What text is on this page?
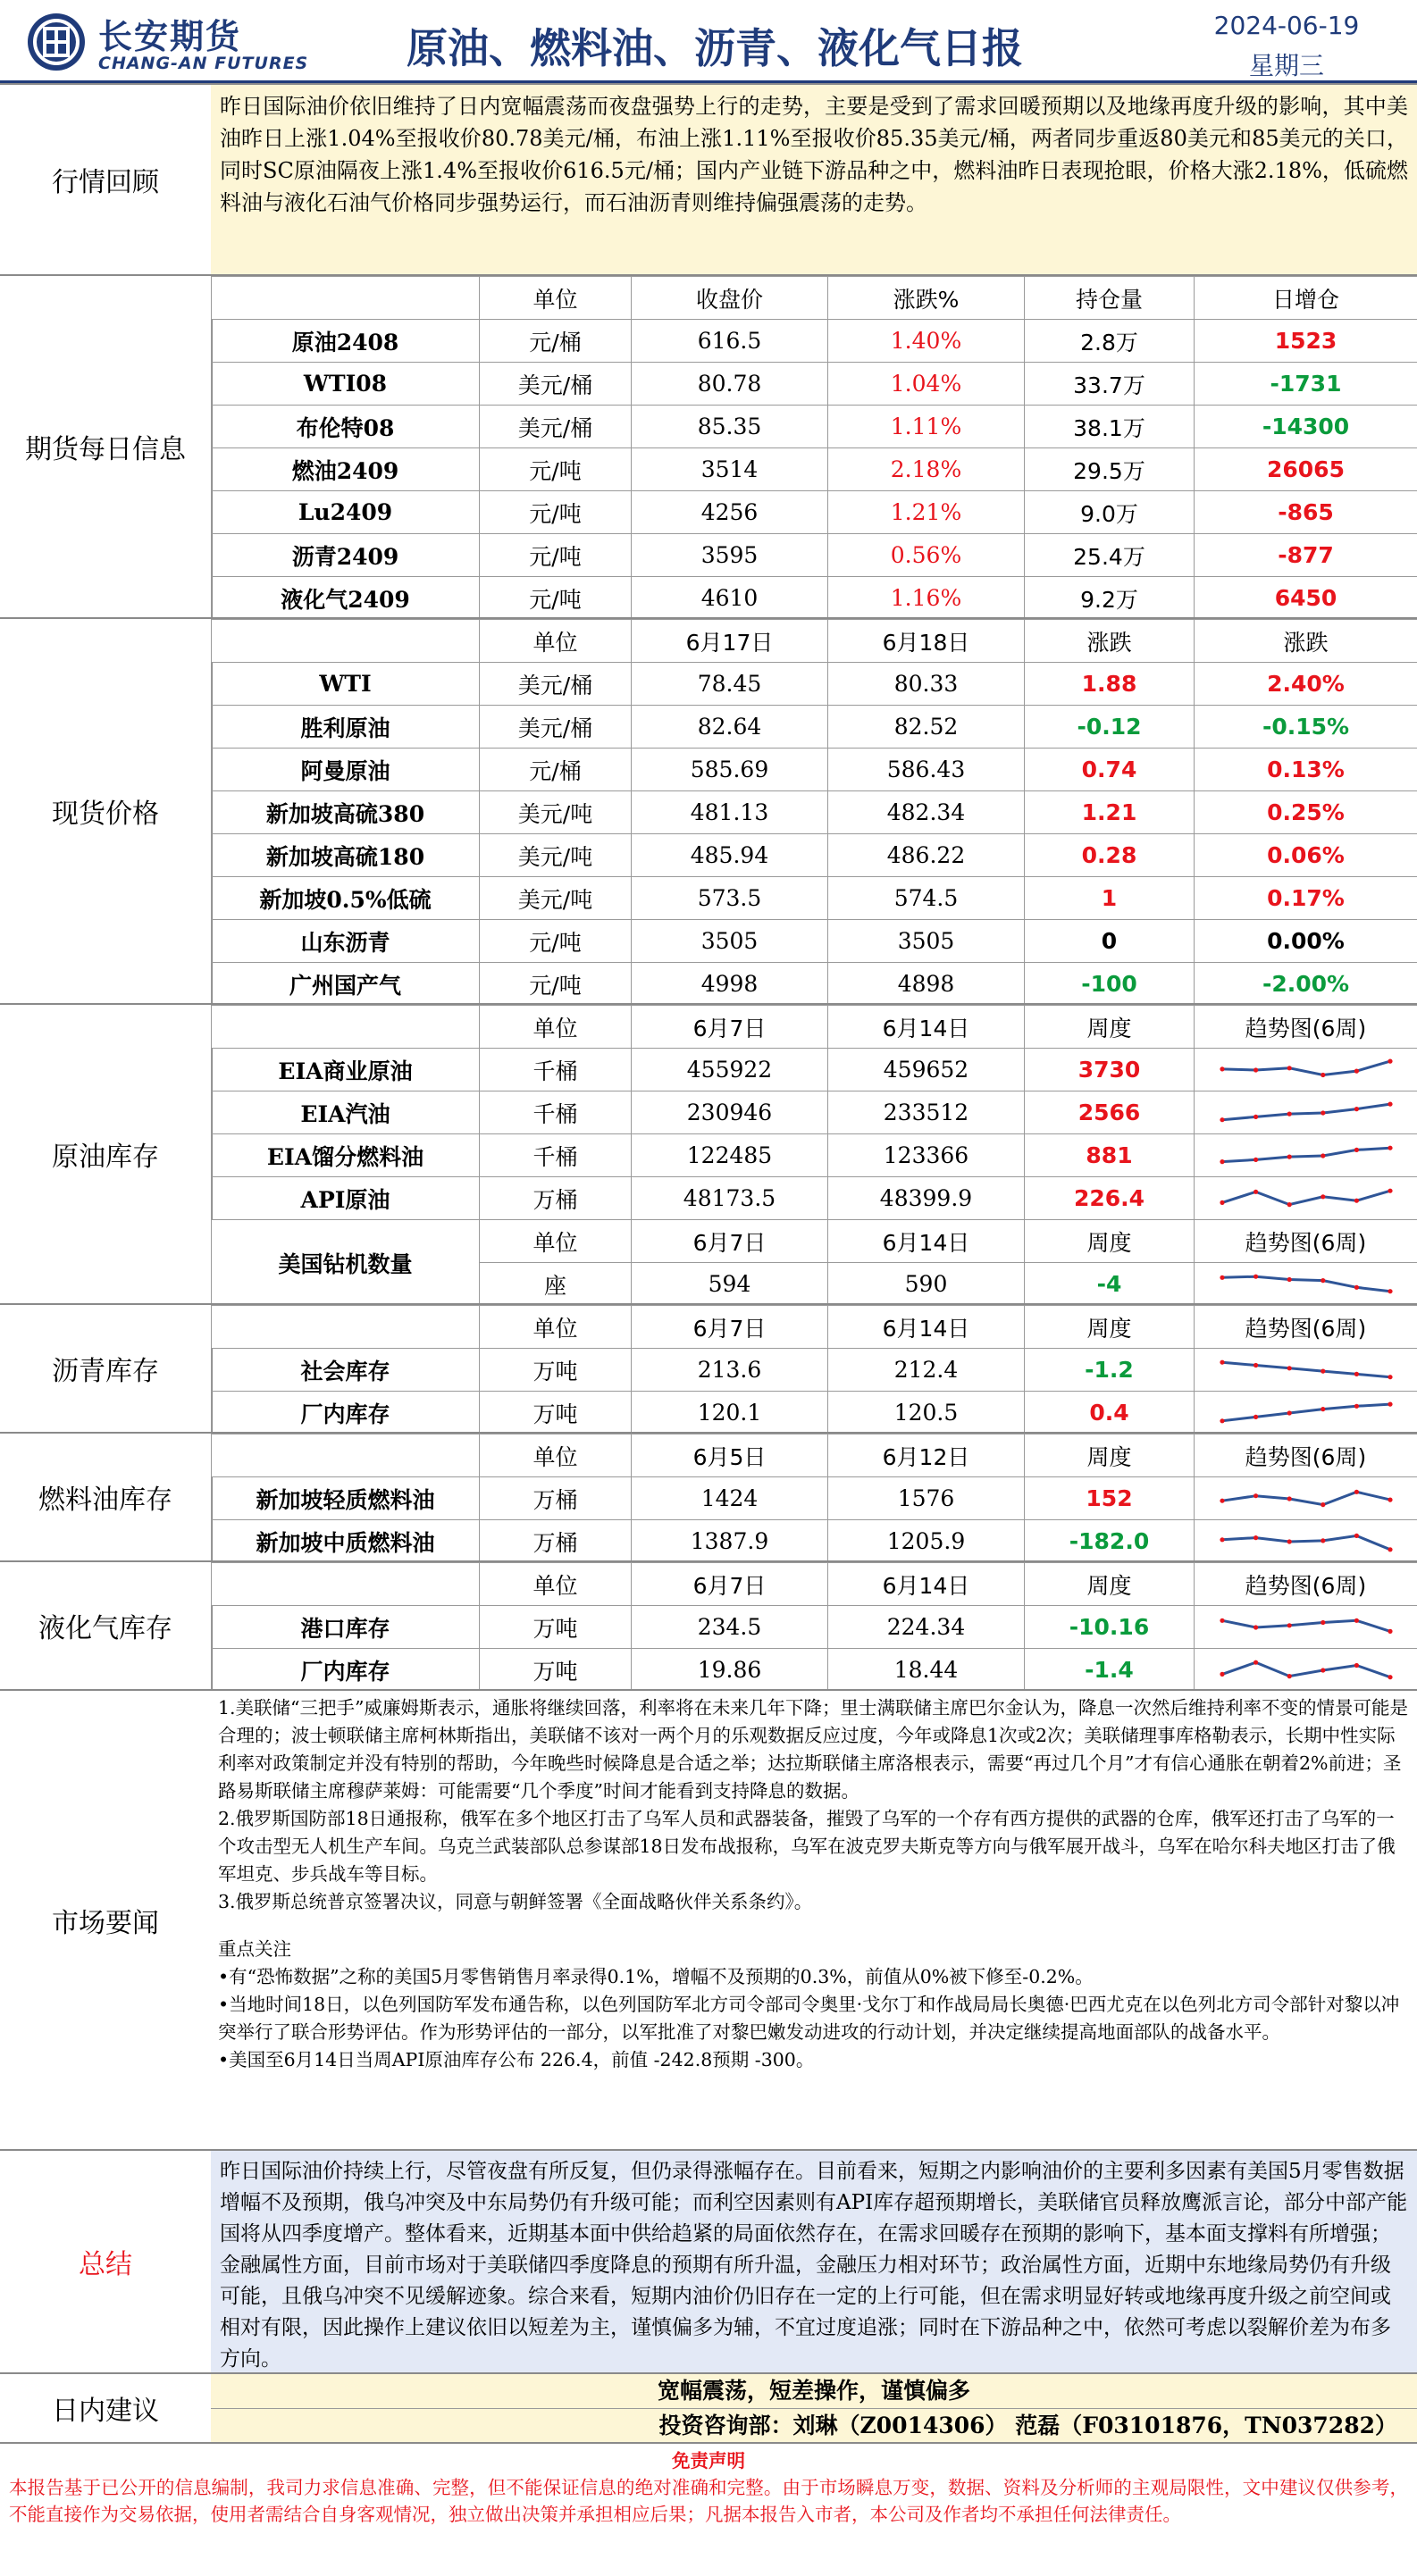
长安期货
CHANG-AN FUTURES	原油、燃料油、沥青、液化气日报	2024-06-19
星期三
行情回顾
昨日国际油价依旧维持了日内宽幅震荡而夜盘强势上行的走势，主要是受到了需求回暖预期以及地缘再度升级的影响，其中美油昨日上涨1.04%至报收价80.78美元/桶，布油上涨1.11%至报收价85.35美元/桶，两者同步重返80美元和85美元的关口，同时SC原油隔夜上涨1.4%至报收价616.5元/桶；国内产业链下游品种之中，燃料油昨日表现抢眼，价格大涨2.18%，低硫燃料油与液化石油气价格同步强势运行，而石油沥青则维持偏强震荡的走势。
期货每日信息
	单位	收盘价	涨跌%	持仓量	日增仓
原油2408	元/桶	616.5	1.40%	2.8万	1523
WTI08	美元/桶	80.78	1.04%	33.7万	-1731
布伦特08	美元/桶	85.35	1.11%	38.1万	-14300
燃油2409	元/吨	3514	2.18%	29.5万	26065
Lu2409	元/吨	4256	1.21%	9.0万	-865
沥青2409	元/吨	3595	0.56%	25.4万	-877
液化气2409	元/吨	4610	1.16%	9.2万	6450
现货价格
	单位	6月17日	6月18日	涨跌	涨跌
WTI	美元/桶	78.45	80.33	1.88	2.40%
胜利原油	美元/桶	82.64	82.52	-0.12	-0.15%
阿曼原油	元/桶	585.69	586.43	0.74	0.13%
新加坡高硫380	美元/吨	481.13	482.34	1.21	0.25%
新加坡高硫180	美元/吨	485.94	486.22	0.28	0.06%
新加坡0.5%低硫	美元/吨	573.5	574.5	1	0.17%
山东沥青	元/吨	3505	3505	0	0.00%
广州国产气	元/吨	4998	4898	-100	-2.00%
原油库存
	单位	6月7日	6月14日	周度	趋势图(6周)
EIA商业原油	千桶	455922	459652	3730	

EIA汽油	千桶	230946	233512	2566	

EIA馏分燃料油	千桶	122485	123366	881	

API原油	万桶	48173.5	48399.9	226.4	

美国钻机数量	单位	6月7日	6月14日	周度	趋势图(6周)
	座	594	590	-4	
沥青库存
	单位	6月7日	6月14日	周度	趋势图(6周)
社会库存	万吨	213.6	212.4	-1.2	

厂内库存	万吨	120.1	120.5	0.4	
燃料油库存
	单位	6月5日	6月12日	周度	趋势图(6周)
新加坡轻质燃料油	万桶	1424	1576	152	

新加坡中质燃料油	万桶	1387.9	1205.9	-182.0	
液化气库存
	单位	6月7日	6月14日	周度	趋势图(6周)
港口库存	万吨	234.5	224.34	-10.16	

厂内库存	万吨	19.86	18.44	-1.4	
市场要闻

1.美联储“三把手”威廉姆斯表示，通胀将继续回落，利率将在未来几年下降；里士满联储主席巴尔金认为，降息一次然后维持利率不变的情景可能是合理的；波士顿联储主席柯林斯指出，美联储不该对一两个月的乐观数据反应过度，今年或降息1次或2次；美联储理事库格勒表示，长期中性实际利率对政策制定并没有特别的帮助，今年晚些时候降息是合适之举；达拉斯联储主席洛根表示，需要“再过几个月”才有信心通胀在朝着2%前进；圣路易斯联储主席穆萨莱姆：可能需要“几个季度”时间才能看到支持降息的数据。

2.俄罗斯国防部18日通报称，俄军在多个地区打击了乌军人员和武器装备，摧毁了乌军的一个存有西方提供的武器的仓库，俄军还打击了乌军的一个攻击型无人机生产车间。乌克兰武装部队总参谋部18日发布战报称，乌军在波克罗夫斯克等方向与俄军展开战斗，乌军在哈尔科夫地区打击了俄军坦克、步兵战车等目标。

3.俄罗斯总统普京签署决议，同意与朝鲜签署《全面战略伙伴关系条约》。

重点关注

•有“恐怖数据”之称的美国5月零售销售月率录得0.1%，增幅不及预期的0.3%，前值从0%被下修至-0.2%。

•当地时间18日，以色列国防军发布通告称，以色列国防军北方司令部司令奥里·戈尔丁和作战局局长奥德·巴西尤克在以色列北方司令部针对黎以冲突举行了联合形势评估。作为形势评估的一部分，以军批准了对黎巴嫩发动进攻的行动计划，并决定继续提高地面部队的战备水平。

•美国至6月14日当周API原油库存公布 226.4，前值 -242.8预期 -300。

总结
昨日国际油价持续上行，尽管夜盘有所反复，但仍录得涨幅存在。目前看来，短期之内影响油价的主要利多因素有美国5月零售数据增幅不及预期，俄乌冲突及中东局势仍有升级可能；而利空因素则有API库存超预期增长，美联储官员释放鹰派言论，部分中部产能国将从四季度增产。整体看来，近期基本面中供给趋紧的局面依然存在，在需求回暖存在预期的影响下，基本面支撑料有所增强；金融属性方面，目前市场对于美联储四季度降息的预期有所升温，金融压力相对环节；政治属性方面，近期中东地缘局势仍有升级可能，且俄乌冲突不见缓解迹象。综合来看，短期内油价仍旧存在一定的上行可能，但在需求明显好转或地缘再度升级之前空间或相对有限，因此操作上建议依旧以短差为主，谨慎偏多为辅，不宜过度追涨；同时在下游品种之中，依然可考虑以裂解价差为布多方向。
日内建议
宽幅震荡，短差操作，谨慎偏多
投资咨询部：刘琳（Z0014306） 范磊（F03101876，TN037282）
免责声明
本报告基于已公开的信息编制，我司力求信息准确、完整，但不能保证信息的绝对准确和完整。由于市场瞬息万变，数据、资料及分析师的主观局限性，文中建议仅供参考，不能直接作为交易依据，使用者需结合自身客观情况，独立做出决策并承担相应后果；凡据本报告入市者，本公司及作者均不承担任何法律责任。
